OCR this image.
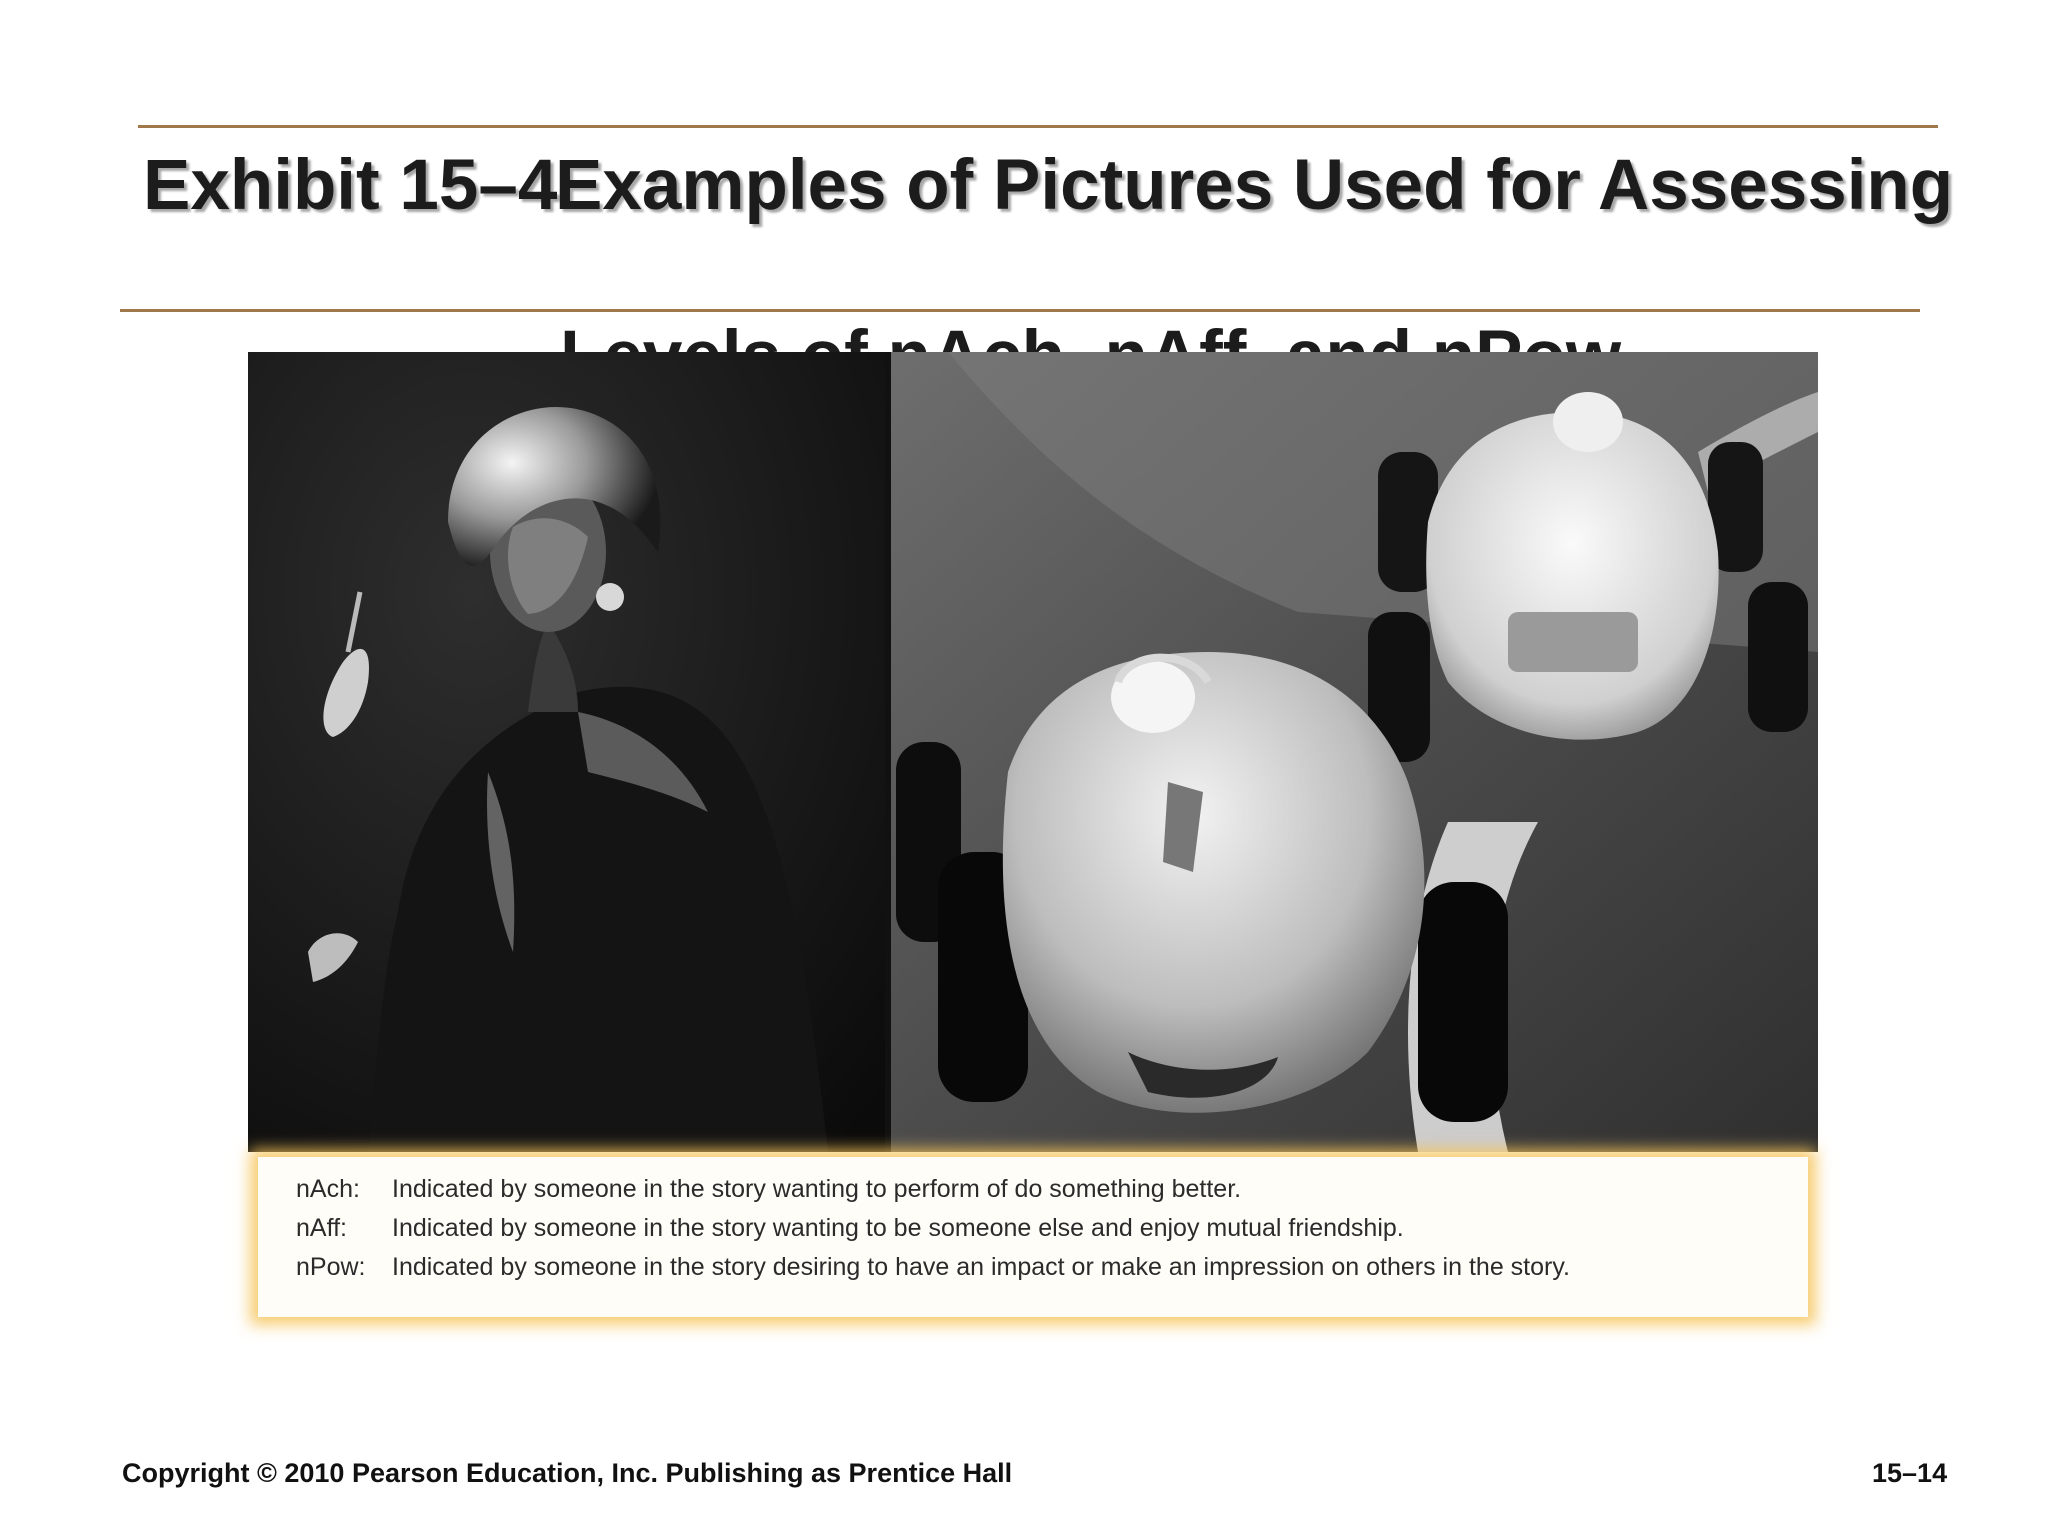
Exhibit 15–4
Examples of Pictures Used for Assessing
nAch:	Indicated by someone in the story wanting to perform of do something better.
nAff:	Indicated by someone in the story wanting to be someone else and enjoy mutual friendship.
nPow:	Indicated by someone in the story desiring to have an impact or make an impression on others in the story.
Copyright © 2010 Pearson Education, Inc. Publishing as Prentice Hall	15–14
